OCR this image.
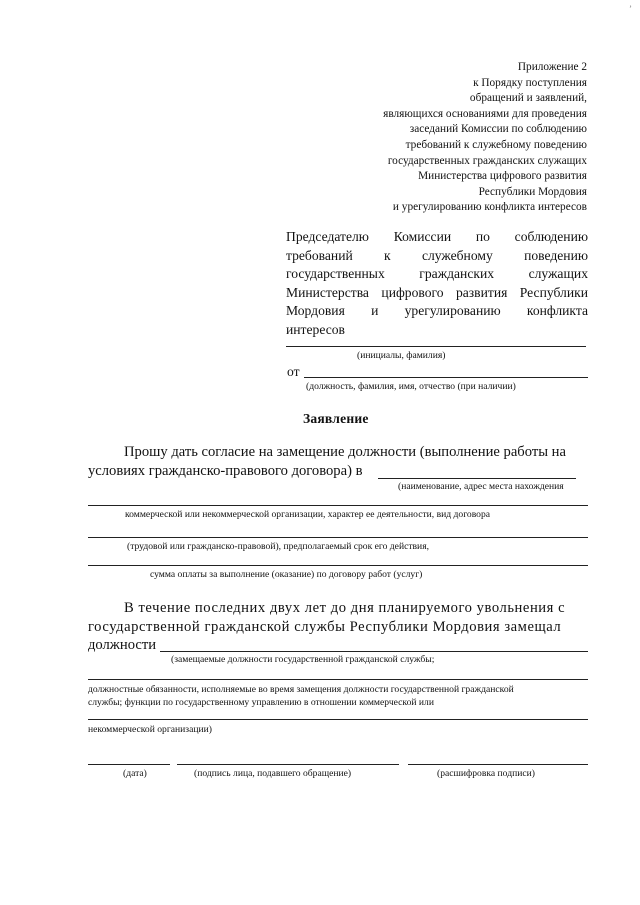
’
Приложение 2
к Порядку поступления
обращений и заявлений,
являющихся основаниями для проведения
заседаний Комиссии по соблюдению
требований к служебному поведению
государственных гражданских служащих
Министерства цифрового развития
Республики Мордовия
и урегулированию конфликта интересов
Председателю Комиссии по соблюдению
требований к служебному поведению
государственных гражданских служащих
Министерства цифрового развития Республики
Мордовия и урегулированию конфликта
интересов
(инициалы, фамилия)
от
(должность, фамилия, имя, отчество (при наличии)
Заявление
Прошу дать согласие на замещение должности (выполнение работы на
условиях гражданско-правового договора) в
(наименование, адрес места нахождения
коммерческой или некоммерческой организации, характер ее деятельности, вид договора
(трудовой или гражданско-правовой), предполагаемый срок его действия,
сумма оплаты за выполнение (оказание) по договору работ (услуг)
В течение последних двух лет до дня планируемого увольнения с
государственной гражданской службы Республики Мордовия замещал
должности
(замещаемые должности государственной гражданской службы;
должностные обязанности, исполняемые во время замещения должности государственной гражданской
службы; функции по государственному управлению в отношении коммерческой или
некоммерческой организации)
(дата)	(подпись лица, подавшего обращение)	(расшифровка подписи)
